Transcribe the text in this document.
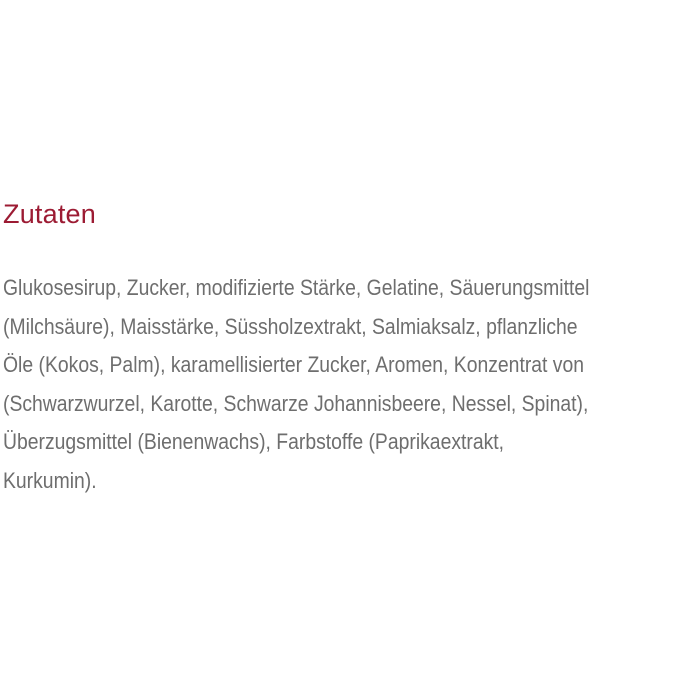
Zutaten
Glukosesirup, Zucker, modifizierte Stärke, Gelatine, Säuerungsmittel
(Milchsäure), Maisstärke, Süssholzextrakt, Salmiaksalz, pflanzliche
Öle (Kokos, Palm), karamellisierter Zucker, Aromen, Konzentrat von
(Schwarzwurzel, Karotte, Schwarze Johannisbeere, Nessel, Spinat),
Überzugsmittel (Bienenwachs), Farbstoffe (Paprikaextrakt,
Kurkumin).
